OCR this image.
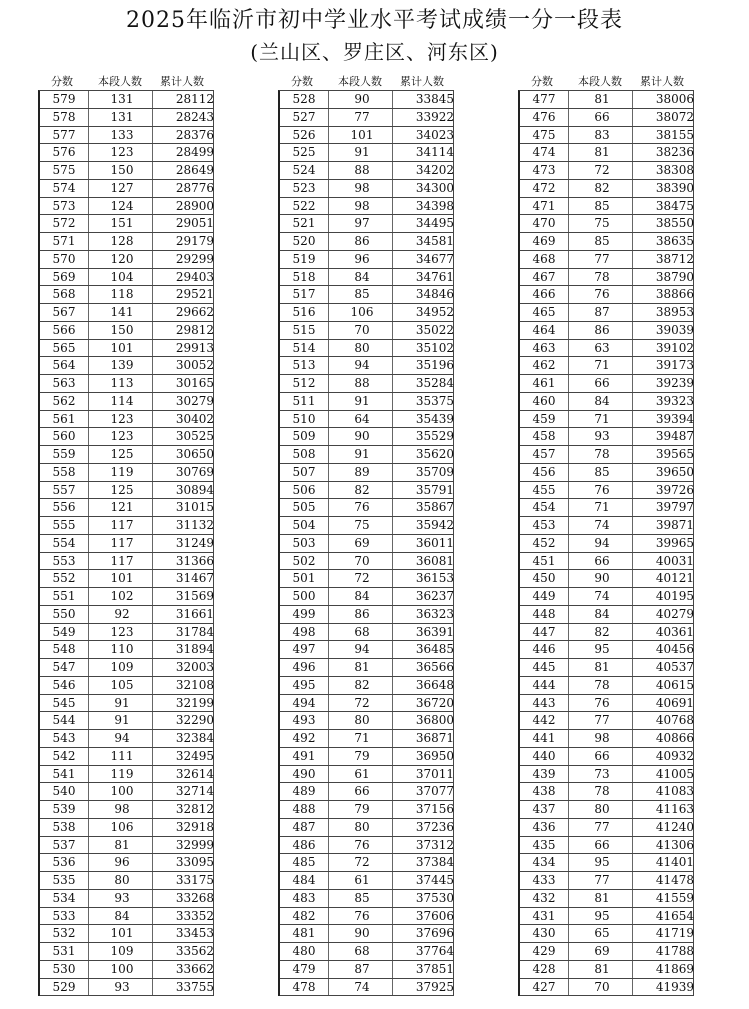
2025年临沂市初中学业水平考试成绩一分一段表
(兰山区、罗庄区、河东区)
分数	本段人数	累计人数
579	131	28112
578	131	28243
577	133	28376
576	123	28499
575	150	28649
574	127	28776
573	124	28900
572	151	29051
571	128	29179
570	120	29299
569	104	29403
568	118	29521
567	141	29662
566	150	29812
565	101	29913
564	139	30052
563	113	30165
562	114	30279
561	123	30402
560	123	30525
559	125	30650
558	119	30769
557	125	30894
556	121	31015
555	117	31132
554	117	31249
553	117	31366
552	101	31467
551	102	31569
550	92	31661
549	123	31784
548	110	31894
547	109	32003
546	105	32108
545	91	32199
544	91	32290
543	94	32384
542	111	32495
541	119	32614
540	100	32714
539	98	32812
538	106	32918
537	81	32999
536	96	33095
535	80	33175
534	93	33268
533	84	33352
532	101	33453
531	109	33562
530	100	33662
529	93	33755
分数	本段人数	累计人数
528	90	33845
527	77	33922
526	101	34023
525	91	34114
524	88	34202
523	98	34300
522	98	34398
521	97	34495
520	86	34581
519	96	34677
518	84	34761
517	85	34846
516	106	34952
515	70	35022
514	80	35102
513	94	35196
512	88	35284
511	91	35375
510	64	35439
509	90	35529
508	91	35620
507	89	35709
506	82	35791
505	76	35867
504	75	35942
503	69	36011
502	70	36081
501	72	36153
500	84	36237
499	86	36323
498	68	36391
497	94	36485
496	81	36566
495	82	36648
494	72	36720
493	80	36800
492	71	36871
491	79	36950
490	61	37011
489	66	37077
488	79	37156
487	80	37236
486	76	37312
485	72	37384
484	61	37445
483	85	37530
482	76	37606
481	90	37696
480	68	37764
479	87	37851
478	74	37925
分数	本段人数	累计人数
477	81	38006
476	66	38072
475	83	38155
474	81	38236
473	72	38308
472	82	38390
471	85	38475
470	75	38550
469	85	38635
468	77	38712
467	78	38790
466	76	38866
465	87	38953
464	86	39039
463	63	39102
462	71	39173
461	66	39239
460	84	39323
459	71	39394
458	93	39487
457	78	39565
456	85	39650
455	76	39726
454	71	39797
453	74	39871
452	94	39965
451	66	40031
450	90	40121
449	74	40195
448	84	40279
447	82	40361
446	95	40456
445	81	40537
444	78	40615
443	76	40691
442	77	40768
441	98	40866
440	66	40932
439	73	41005
438	78	41083
437	80	41163
436	77	41240
435	66	41306
434	95	41401
433	77	41478
432	81	41559
431	95	41654
430	65	41719
429	69	41788
428	81	41869
427	70	41939
